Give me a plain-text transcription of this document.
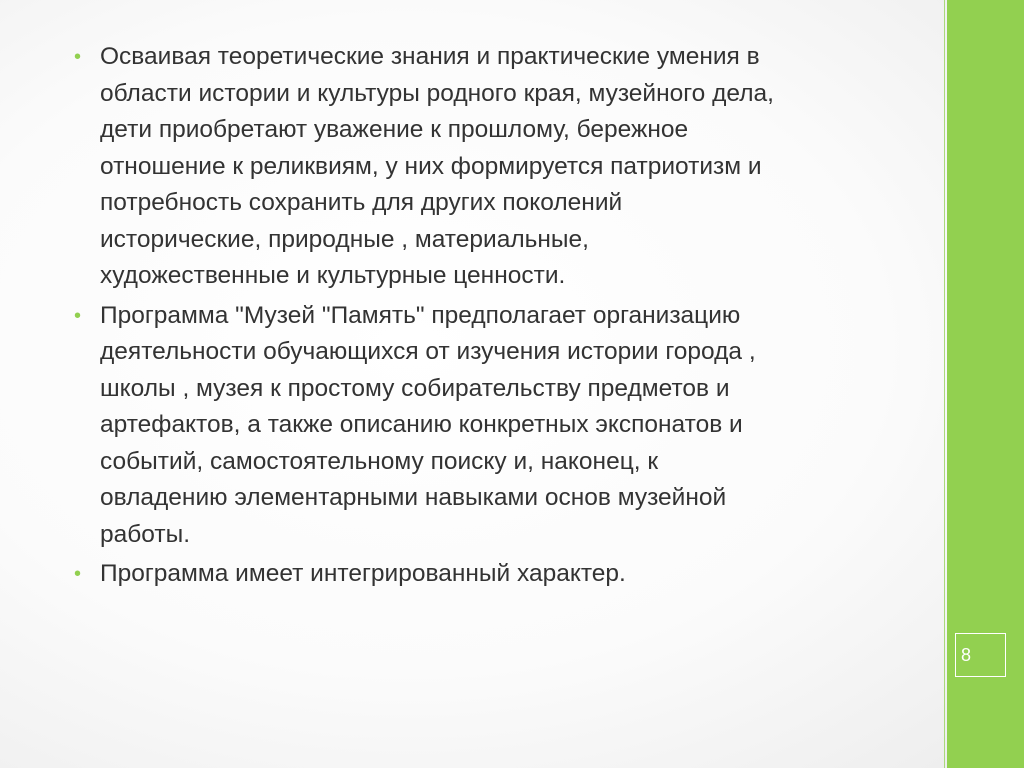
• Осваивая теоретические знания и практические умения в
области истории и культуры родного края, музейного дела,
дети приобретают уважение к прошлому, бережное
отношение к реликвиям, у них формируется патриотизм и
потребность сохранить для других поколений
исторические, природные , материальные,
художественные и культурные ценности.
• Программа "Музей "Память" предполагает организацию
деятельности обучающихся от изучения истории города ,
школы , музея к простому собирательству предметов и
артефактов, а также описанию конкретных экспонатов и
событий, самостоятельному поиску и, наконец, к
овладению элементарными навыками основ музейной
работы.
• Программа имеет интегрированный характер.
8
